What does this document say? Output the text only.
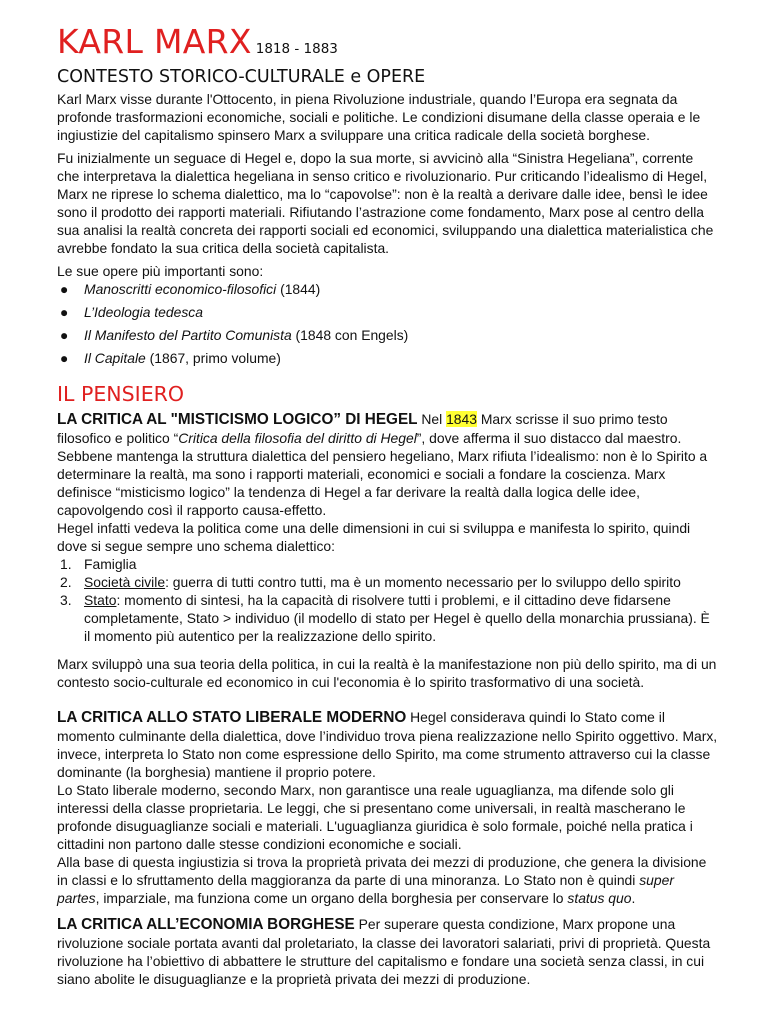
KARL MARX 1818 - 1883
CONTESTO STORICO-CULTURALE e OPERE

Karl Marx visse durante l'Ottocento, in piena Rivoluzione industriale, quando l’Europa era segnata da profonde trasformazioni economiche, sociali e politiche. Le condizioni disumane della classe operaia e le ingiustizie del capitalismo spinsero Marx a sviluppare una critica radicale della società borghese.

Fu inizialmente un seguace di Hegel e, dopo la sua morte, si avvicinò alla “Sinistra Hegeliana”, corrente che interpretava la dialettica hegeliana in senso critico e rivoluzionario. Pur criticando l’idealismo di Hegel, Marx ne riprese lo schema dialettico, ma lo “capovolse”: non è la realtà a derivare dalle idee, bensì le idee sono il prodotto dei rapporti materiali. Rifiutando l’astrazione come fondamento, Marx pose al centro della sua analisi la realtà concreta dei rapporti sociali ed economici, sviluppando una dialettica materialistica che avrebbe fondato la sua critica della società capitalista.

Le sue opere più importanti sono:

● Manoscritti economico-filosofici (1844)
● L’Ideologia tedesca
● Il Manifesto del Partito Comunista (1848 con Engels)
● Il Capitale (1867, primo volume)
IL PENSIERO

LA CRITICA AL "MISTICISMO LOGICO” DI HEGEL Nel 1843 Marx scrisse il suo primo testo filosofico e politico “Critica della filosofia del diritto di Hegel”, dove afferma il suo distacco dal maestro. Sebbene mantenga la struttura dialettica del pensiero hegeliano, Marx rifiuta l’idealismo: non è lo Spirito a determinare la realtà, ma sono i rapporti materiali, economici e sociali a fondare la coscienza. Marx definisce “misticismo logico” la tendenza di Hegel a far derivare la realtà dalla logica delle idee, capovolgendo così il rapporto causa-effetto.

Hegel infatti vedeva la politica come una delle dimensioni in cui si sviluppa e manifesta lo spirito, quindi dove si segue sempre uno schema dialettico:

1. Famiglia
2. Società civile: guerra di tutti contro tutti, ma è un momento necessario per lo sviluppo dello spirito
3. Stato: momento di sintesi, ha la capacità di risolvere tutti i problemi, e il cittadino deve fidarsene completamente, Stato > individuo (il modello di stato per Hegel è quello della monarchia prussiana). È il momento più autentico per la realizzazione dello spirito.

Marx sviluppò una sua teoria della politica, in cui la realtà è la manifestazione non più dello spirito, ma di un contesto socio-culturale ed economico in cui l'economia è lo spirito trasformativo di una società.

LA CRITICA ALLO STATO LIBERALE MODERNO Hegel considerava quindi lo Stato come il momento culminante della dialettica, dove l’individuo trova piena realizzazione nello Spirito oggettivo. Marx, invece, interpreta lo Stato non come espressione dello Spirito, ma come strumento attraverso cui la classe dominante (la borghesia) mantiene il proprio potere.

Lo Stato liberale moderno, secondo Marx, non garantisce una reale uguaglianza, ma difende solo gli interessi della classe proprietaria. Le leggi, che si presentano come universali, in realtà mascherano le profonde disuguaglianze sociali e materiali. L'uguaglianza giuridica è solo formale, poiché nella pratica i cittadini non partono dalle stesse condizioni economiche e sociali.

Alla base di questa ingiustizia si trova la proprietà privata dei mezzi di produzione, che genera la divisione in classi e lo sfruttamento della maggioranza da parte di una minoranza. Lo Stato non è quindi super partes, imparziale, ma funziona come un organo della borghesia per conservare lo status quo.

LA CRITICA ALL’ECONOMIA BORGHESE Per superare questa condizione, Marx propone una rivoluzione sociale portata avanti dal proletariato, la classe dei lavoratori salariati, privi di proprietà. Questa rivoluzione ha l’obiettivo di abbattere le strutture del capitalismo e fondare una società senza classi, in cui siano abolite le disuguaglianze e la proprietà privata dei mezzi di produzione.
